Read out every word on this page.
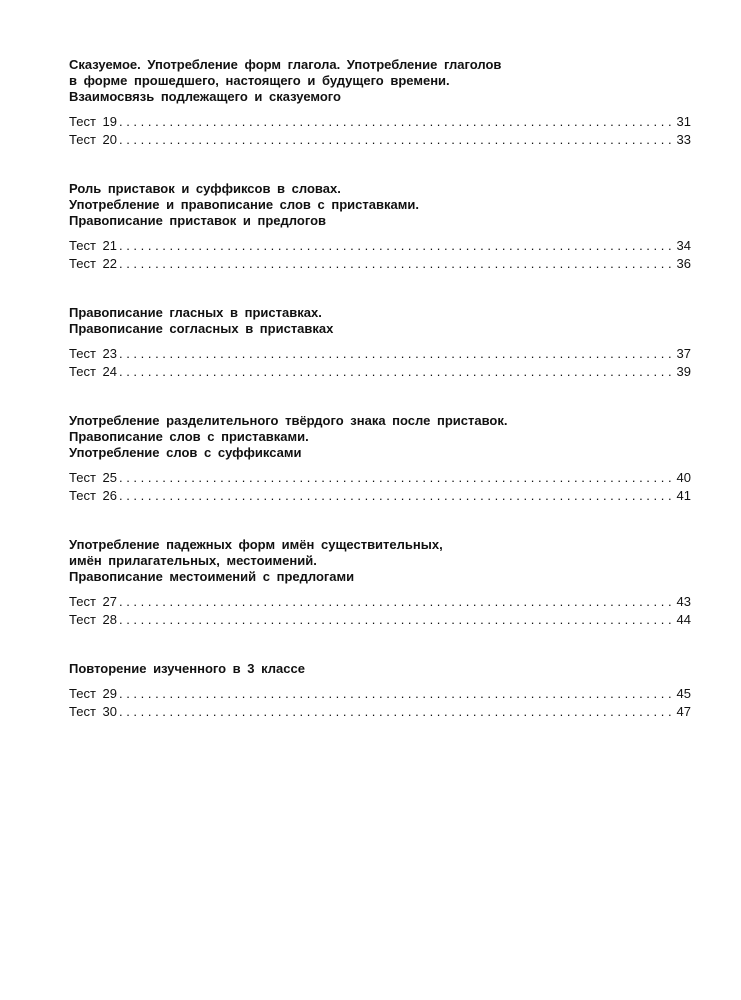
Сказуемое. Употребление форм глагола. Употребление глаголов
в форме прошедшего, настоящего и будущего времени.
Взаимосвязь подлежащего и сказуемого
Тест 19 . . .	31
Тест 20 . . .	33
Роль приставок и суффиксов в словах.
Употребление и правописание слов с приставками.
Правописание приставок и предлогов
Тест 21 . . .	34
Тест 22 . . .	36
Правописание гласных в приставках.
Правописание согласных в приставках
Тест 23 . . .	37
Тест 24 . . .	39
Употребление разделительного твёрдого знака после приставок.
Правописание слов с приставками.
Употребление слов с суффиксами
Тест 25 . . .	40
Тест 26 . . .	41
Употребление падежных форм имён существительных,
имён прилагательных, местоимений.
Правописание местоимений с предлогами
Тест 27 . . .	43
Тест 28 . . .	44
Повторение изученного в 3 классе
Тест 29 . . .	45
Тест 30 . . .	47
